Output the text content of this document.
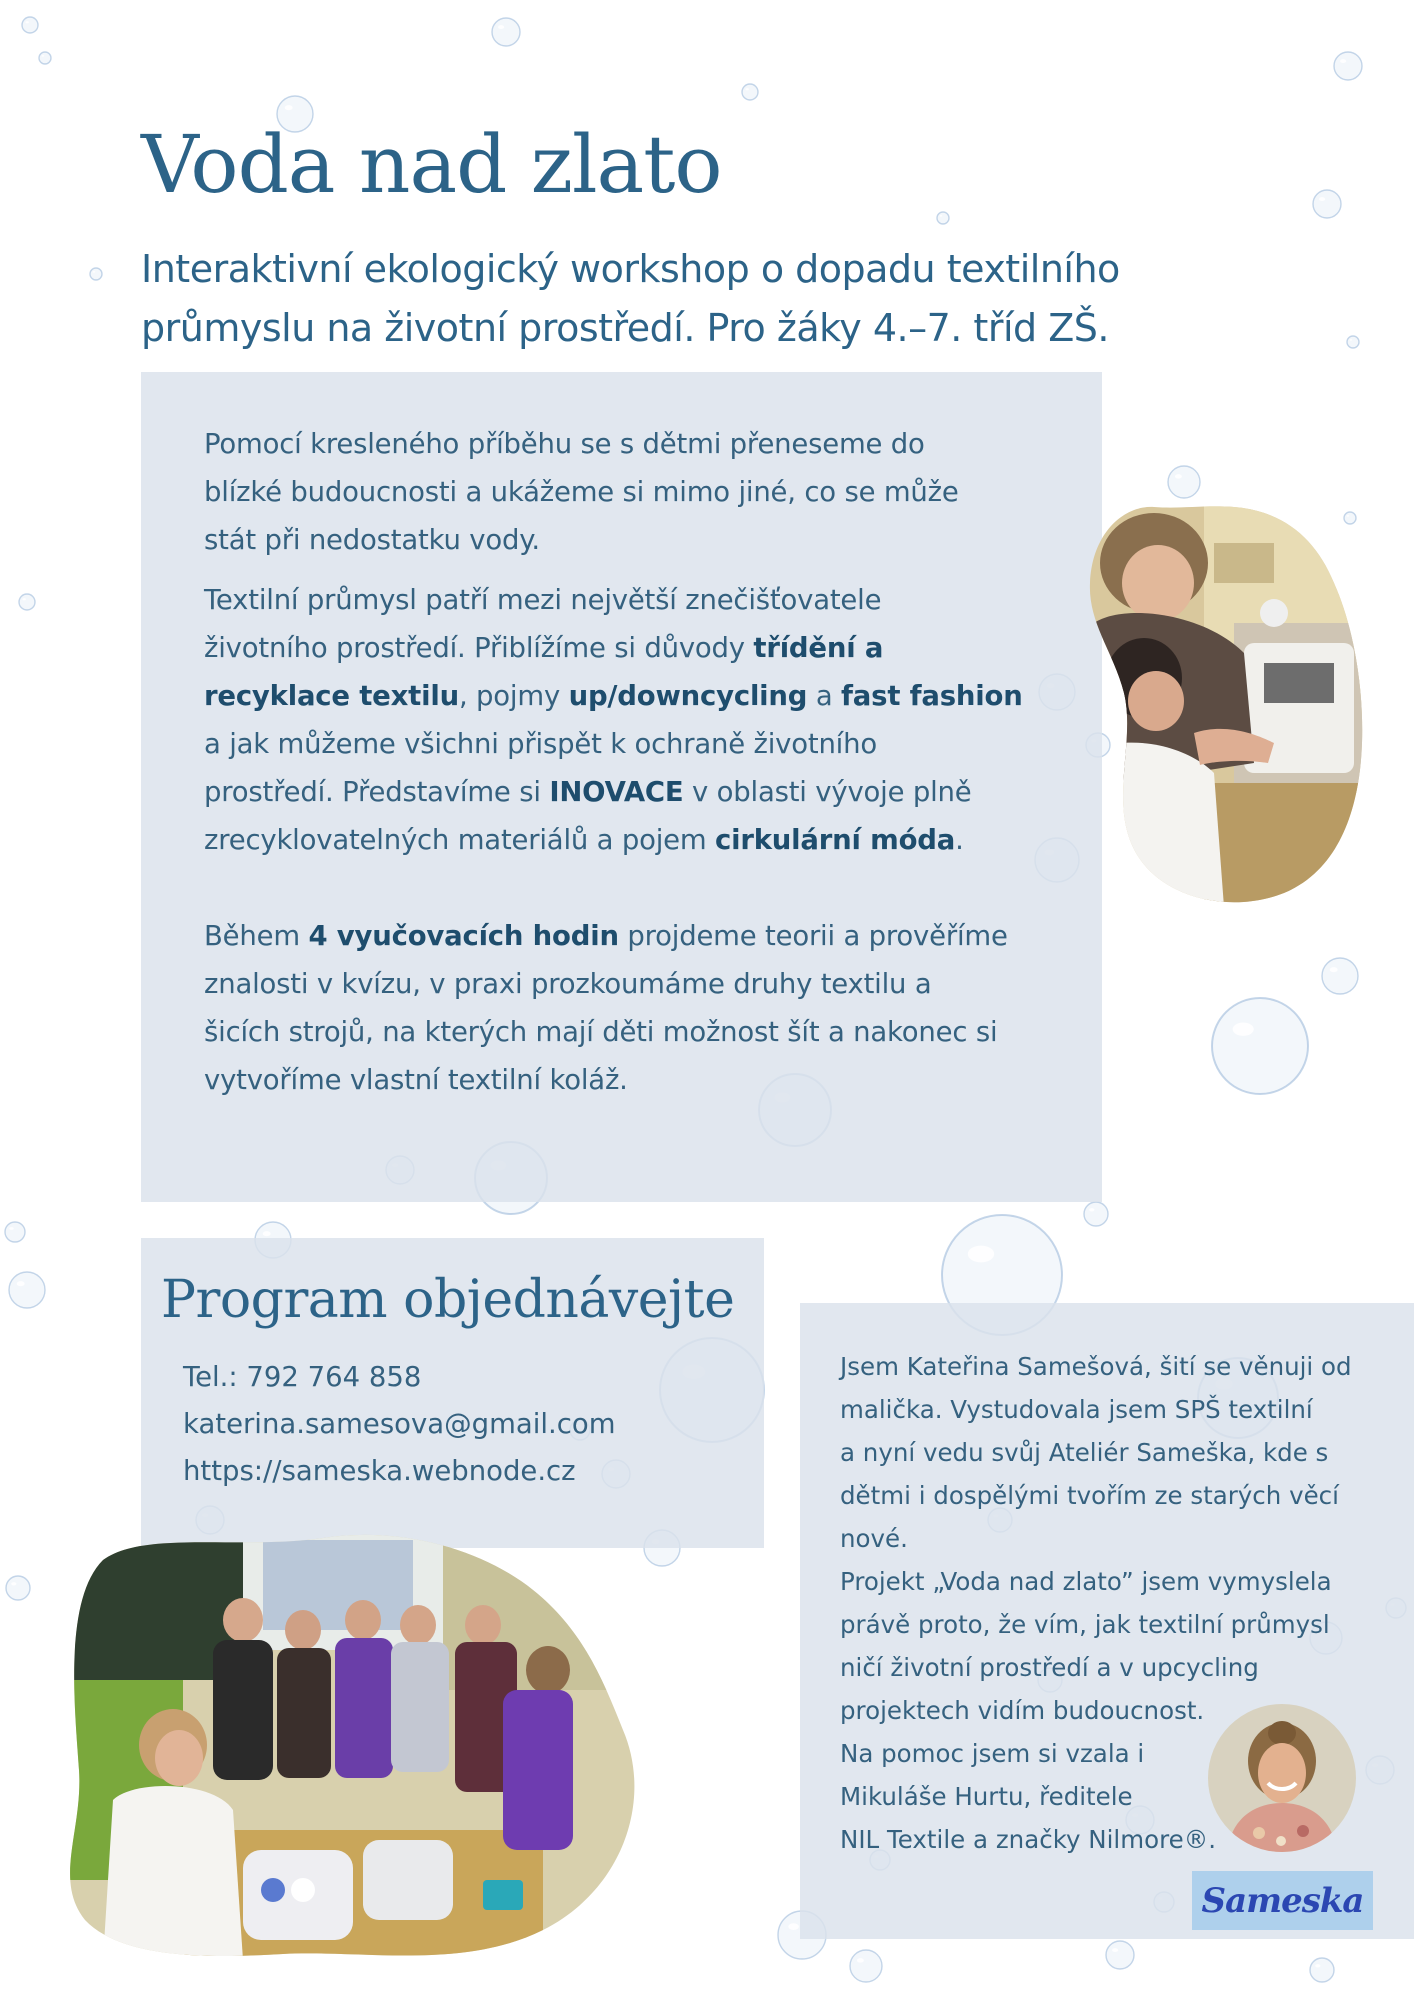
Voda nad zlato
Interaktivní ekologický workshop o dopadu textilního
průmyslu na životní prostředí. Pro žáky 4.–7. tříd ZŠ.

Pomocí kresleného příběhu se s dětmi přeneseme do

blízké budoucnosti a ukážeme si mimo jiné, co se může

stát při nedostatku vody.

Textilní průmysl patří mezi největší znečišťovatele

životního prostředí. Přiblížíme si důvody třídění a

recyklace textilu, pojmy up/downcycling a fast fashion

a jak můžeme všichni přispět k ochraně životního

prostředí. Představíme si INOVACE v oblasti vývoje plně

zrecyklovatelných materiálů a pojem cirkulární móda.

Během 4 vyučovacích hodin projdeme teorii a prověříme

znalosti v kvízu, v praxi prozkoumáme druhy textilu a

šicích strojů, na kterých mají děti možnost šít a nakonec si

vytvoříme vlastní textilní koláž.

Program objednávejte
Tel.: 792 764 858
katerina.samesova@gmail.com
https://sameska.webnode.cz
Jsem Kateřina Samešová, šití se věnuji od
malička. Vystudovala jsem SPŠ textilní
a nyní vedu svůj Ateliér Sameška, kde s
dětmi i dospělými tvořím ze starých věcí
nové.
Projekt „Voda nad zlato” jsem vymyslela
právě proto, že vím, jak textilní průmysl
ničí životní prostředí a v upcycling
projektech vidím budoucnost.
Na pomoc jsem si vzala i
Mikuláše Hurtu, ředitele
NIL Textile a značky Nilmore®.
Sameska
